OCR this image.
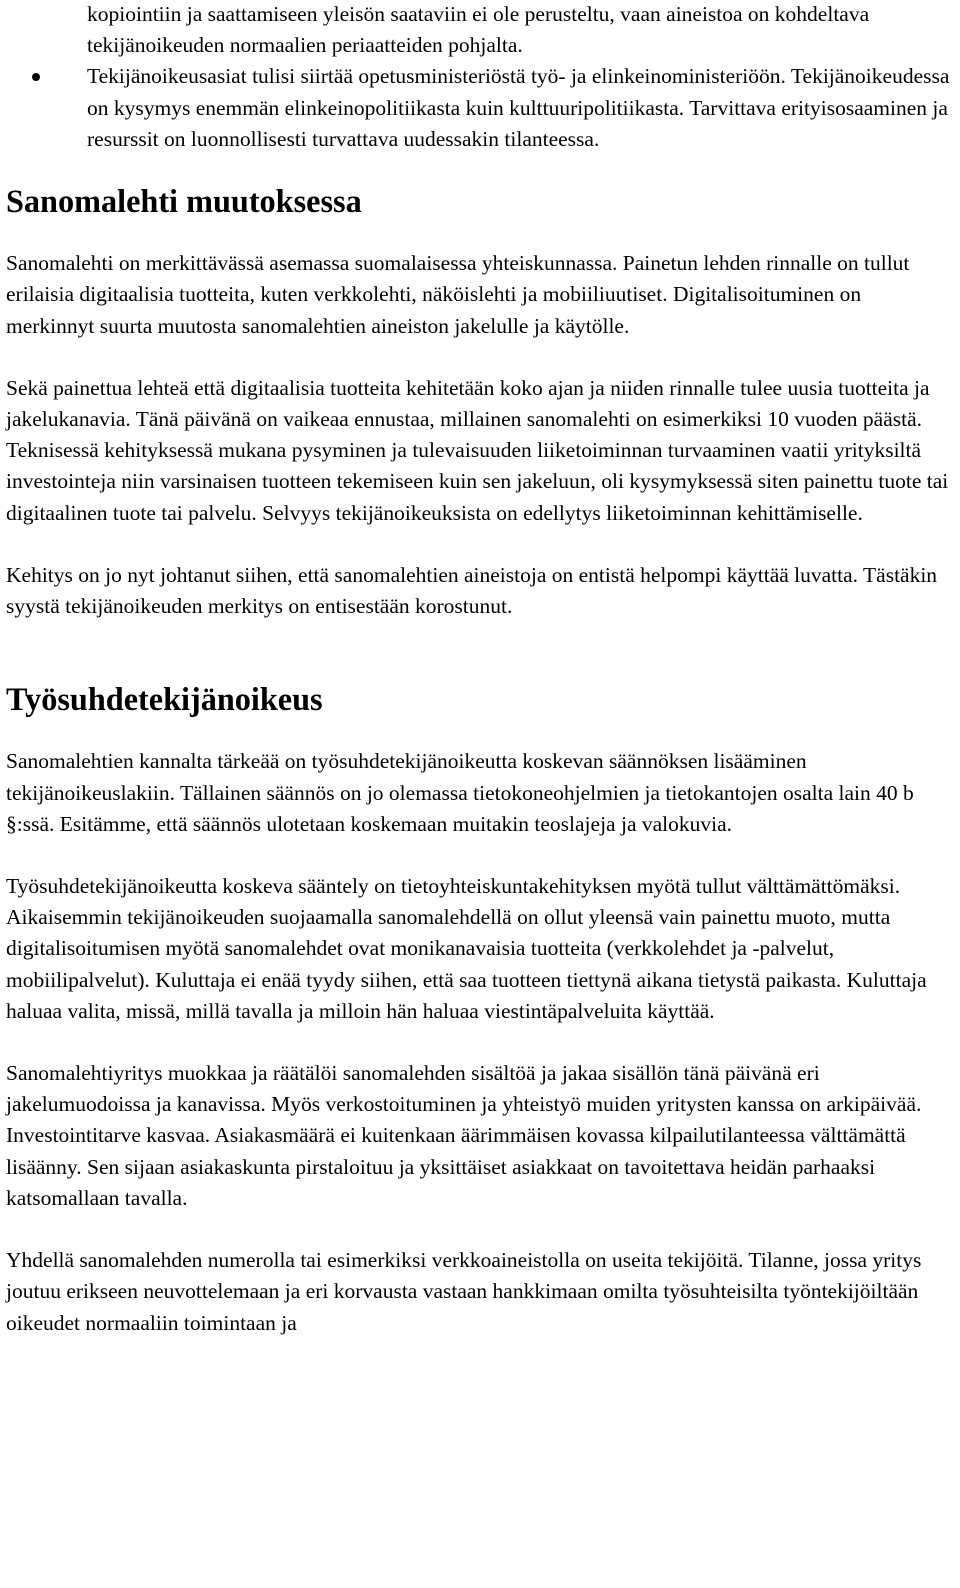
kopiointiin ja saattamiseen yleisön saataviin ei ole perusteltu, vaan aineistoa on kohdeltava tekijänoikeuden normaalien periaatteiden pohjalta.
Tekijänoikeusasiat tulisi siirtää opetusministeriöstä työ- ja elinkeinoministeriöön. Tekijänoikeudessa on kysymys enemmän elinkeinopolitiikasta kuin kulttuuripolitiikasta. Tarvittava erityisosaaminen ja resurssit on luonnollisesti turvattava uudessakin tilanteessa.
Sanomalehti muutoksessa

Sanomalehti on merkittävässä asemassa suomalaisessa yhteiskunnassa. Painetun lehden rinnalle on tullut erilaisia digitaalisia tuotteita, kuten verkkolehti, näköislehti ja mobiiliuutiset. Digitalisoituminen on merkinnyt suurta muutosta sanomalehtien aineiston jakelulle ja käytölle.

Sekä painettua lehteä että digitaalisia tuotteita kehitetään koko ajan ja niiden rinnalle tulee uusia tuotteita ja jakelukanavia. Tänä päivänä on vaikeaa ennustaa, millainen sanomalehti on esimerkiksi 10 vuoden päästä. Teknisessä kehityksessä mukana pysyminen ja tulevaisuuden liiketoiminnan turvaaminen vaatii yrityksiltä investointeja niin varsinaisen tuotteen tekemiseen kuin sen jakeluun, oli kysymyksessä siten painettu tuote tai digitaalinen tuote tai palvelu. Selvyys tekijänoikeuksista on edellytys liiketoiminnan kehittämiselle.

Kehitys on jo nyt johtanut siihen, että sanomalehtien aineistoja on entistä helpompi käyttää luvatta. Tästäkin syystä tekijänoikeuden merkitys on entisestään korostunut.

Työsuhdetekijänoikeus

Sanomalehtien kannalta tärkeää on työsuhdetekijänoikeutta koskevan säännöksen lisääminen tekijänoikeuslakiin. Tällainen säännös on jo olemassa tietokoneohjelmien ja tietokantojen osalta lain 40 b §:ssä. Esitämme, että säännös ulotetaan koskemaan muitakin teoslajeja ja valokuvia.

Työsuhdetekijänoikeutta koskeva sääntely on tietoyhteiskuntakehityksen myötä tullut välttämättömäksi. Aikaisemmin tekijänoikeuden suojaamalla sanomalehdellä on ollut yleensä vain painettu muoto, mutta digitalisoitumisen myötä sanomalehdet ovat monikanavaisia tuotteita (verkkolehdet ja -palvelut, mobiilipalvelut). Kuluttaja ei enää tyydy siihen, että saa tuotteen tiettynä aikana tietystä paikasta. Kuluttaja haluaa valita, missä, millä tavalla ja milloin hän haluaa viestintäpalveluita käyttää.

Sanomalehtiyritys muokkaa ja räätälöi sanomalehden sisältöä ja jakaa sisällön tänä päivänä eri jakelumuodoissa ja kanavissa. Myös verkostoituminen ja yhteistyö muiden yritysten kanssa on arkipäivää. Investointitarve kasvaa. Asiakasmäärä ei kuitenkaan äärimmäisen kovassa kilpailutilanteessa välttämättä lisäänny. Sen sijaan asiakaskunta pirstaloituu ja yksittäiset asiakkaat on tavoitettava heidän parhaaksi katsomallaan tavalla.

Yhdellä sanomalehden numerolla tai esimerkiksi verkkoaineistolla on useita tekijöitä. Tilanne, jossa yritys joutuu erikseen neuvottelemaan ja eri korvausta vastaan hankkimaan omilta työsuhteisilta työntekijöiltään oikeudet normaaliin toimintaan ja
